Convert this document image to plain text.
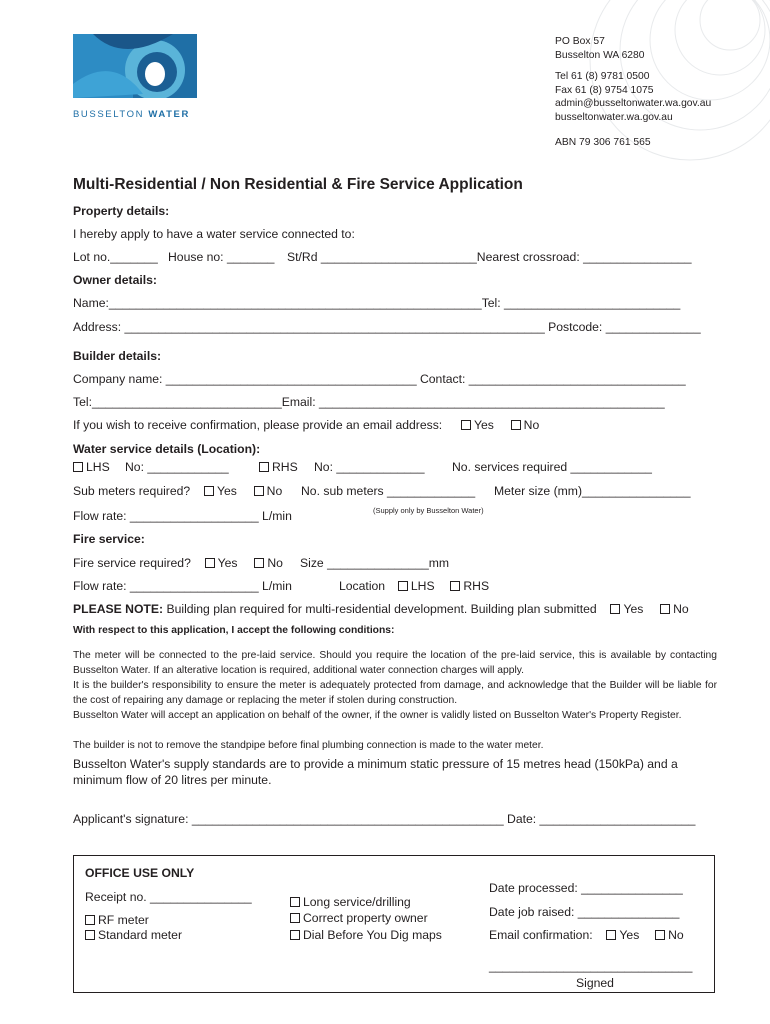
BUSSELTON WATER
PO Box 57
Busselton WA 6280
Tel 61 (8) 9781 0500
Fax 61 (8) 9754 1075
admin@busseltonwater.wa.gov.au
busseltonwater.wa.gov.au
ABN 79 306 761 565
Multi-Residential / Non Residential & Fire Service Application
Property details:
I hereby apply to have a water service connected to:
Lot no._______ House no: _______ St/Rd _______________________Nearest crossroad: ________________
Owner details:
Name:_______________________________________________________Tel: __________________________
Address: ______________________________________________________________ Postcode: ______________
Builder details:
Company name: _____________________________________ Contact: ________________________________
Tel:____________________________Email: ___________________________________________________
If you wish to receive confirmation, please provide an email address:	Yes No
Water service details (Location):
LHS No: ____________	RHS No: _____________ No. services required ____________
Sub meters required? Yes No No. sub meters _____________ Meter size (mm)________________
(Supply only by Busselton Water)
Flow rate: ___________________ L/min
Fire service:
Fire service required? Yes No Size _______________mm
Flow rate: ___________________ L/min	Location LHS RHS
PLEASE NOTE: Building plan required for multi-residential development. Building plan submitted Yes No
With respect to this application, I accept the following conditions:
The meter will be connected to the pre-laid service. Should you require the location of the pre-laid service, this is available by contacting Busselton Water. If an alterative location is required, additional water connection charges will apply.
It is the builder's responsibility to ensure the meter is adequately protected from damage, and acknowledge that the Builder will be liable for the cost of repairing any damage or replacing the meter if stolen during construction.
Busselton Water will accept an application on behalf of the owner, if the owner is validly listed on Busselton Water's Property Register.
The builder is not to remove the standpipe before final plumbing connection is made to the water meter.
Busselton Water's supply standards are to provide a minimum static pressure of 15 metres head (150kPa) and a minimum flow of 20 litres per minute.
Applicant's signature: ______________________________________________ Date: _______________________
OFFICE USE ONLY
Receipt no. _______________
RF meter
Standard meter
Long service/drilling
Correct property owner
Dial Before You Dig maps
Date processed: _______________
Date job raised: _______________
Email confirmation: Yes No
______________________________
Signed
